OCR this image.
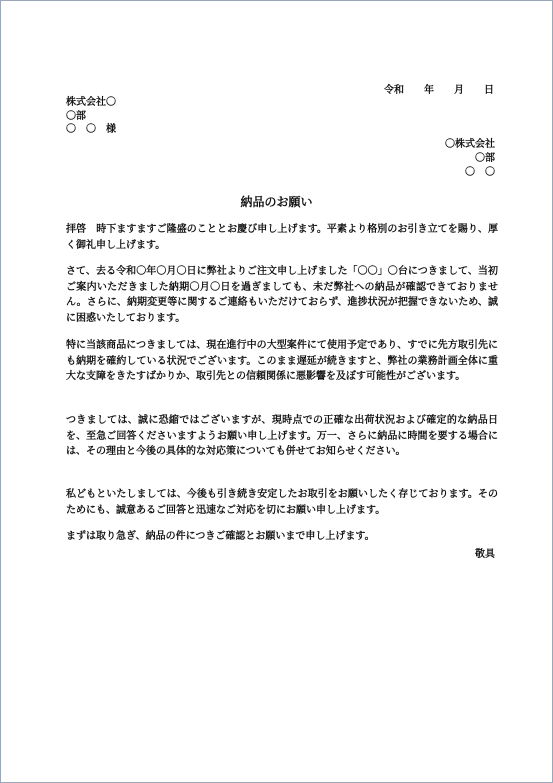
令和　　年　　月　　日
株式会社〇
〇部
〇　〇　様
〇株式会社
〇部
〇　〇
納品のお願い
拝啓　時下ますますご隆盛のこととお慶び申し上げます。平素より格別のお引き立てを賜り、厚く御礼申し上げます。
さて、去る令和〇年〇月〇日に弊社よりご注文申し上げました「〇〇」〇台につきまして、当初ご案内いただきました納期〇月〇日を過ぎましても、未だ弊社への納品が確認できておりません。さらに、納期変更等に関するご連絡もいただけておらず、進捗状況が把握できないため、誠に困惑いたしております。
特に当該商品につきましては、現在進行中の大型案件にて使用予定であり、すでに先方取引先にも納期を確約している状況でございます。このまま遅延が続きますと、弊社の業務計画全体に重大な支障をきたすばかりか、取引先との信頼関係に悪影響を及ぼす可能性がございます。
つきましては、誠に恐縮ではございますが、現時点での正確な出荷状況および確定的な納品日を、至急ご回答くださいますようお願い申し上げます。万一、さらに納品に時間を要する場合には、その理由と今後の具体的な対応策についても併せてお知らせください。
私どもといたしましては、今後も引き続き安定したお取引をお願いしたく存じております。そのためにも、誠意あるご回答と迅速なご対応を切にお願い申し上げます。
まずは取り急ぎ、納品の件につきご確認とお願いまで申し上げます。
敬具
